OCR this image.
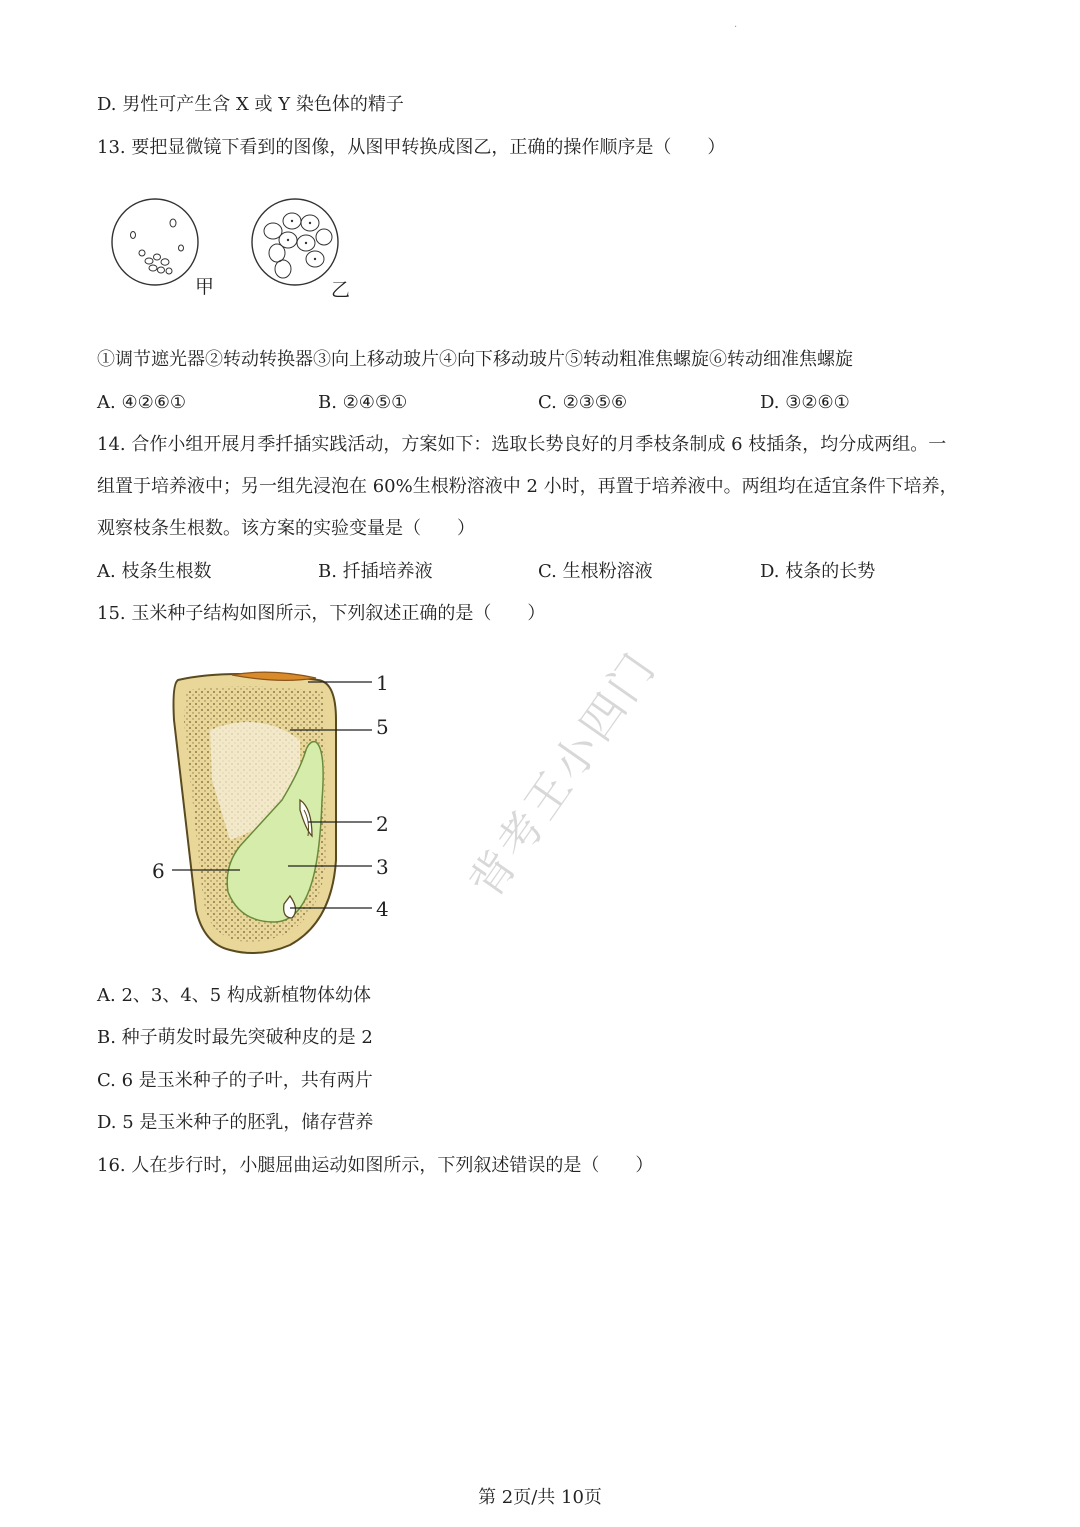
·
D. 男性可产生含 X 或 Y 染色体的精子
13. 要把显微镜下看到的图像，从图甲转换成图乙，正确的操作顺序是（　　）
甲	乙
①调节遮光器②转动转换器③向上移动玻片④向下移动玻片⑤转动粗准焦螺旋⑥转动细准焦螺旋
A. ④②⑥①	B. ②④⑤①	C. ②③⑤⑥	D. ③②⑥①
14. 合作小组开展月季扦插实践活动，方案如下：选取长势良好的月季枝条制成 6 枝插条，均分成两组。一
组置于培养液中；另一组先浸泡在 60%生根粉溶液中 2 小时，再置于培养液中。两组均在适宜条件下培养，
观察枝条生根数。该方案的实验变量是（　　）
A. 枝条生根数	B. 扦插培养液	C. 生根粉溶液	D. 枝条的长势
15. 玉米种子结构如图所示，下列叙述正确的是（　　）
1
5
2
3
4
6	背考王小四门
A. 2、3、4、5 构成新植物体幼体
B. 种子萌发时最先突破种皮的是 2
C. 6 是玉米种子的子叶，共有两片
D. 5 是玉米种子的胚乳，储存营养
16. 人在步行时，小腿屈曲运动如图所示，下列叙述错误的是（　　）
第 2页/共 10页
